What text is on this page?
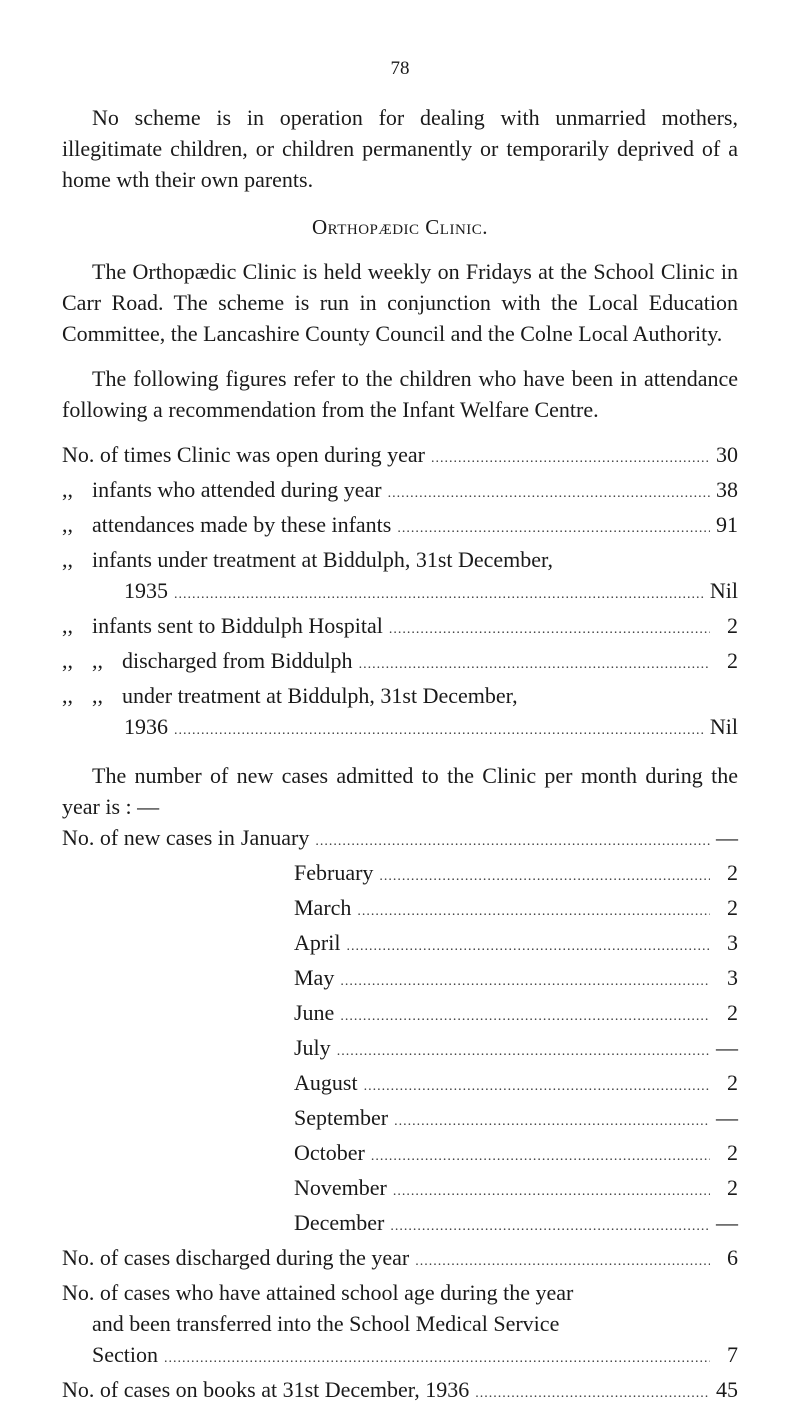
78

No scheme is in operation for dealing with unmarried mothers, illegitimate children, or children permanently or temporarily deprived of a home wth their own parents.

Orthopædic Clinic.

The Orthopædic Clinic is held weekly on Fridays at the School Clinic in Carr Road. The scheme is run in conjunction with the Local Education Committee, the Lancashire County Council and the Colne Local Authority.

The following figures refer to the children who have been in attendance following a recommendation from the Infant Welfare Centre.

No. of times Clinic was open during year .....	30
,, infants who attended during year .....	38
,, attendances made by these infants .....	91
,, infants under treatment at Biddulph, 31st December,
1935 .....	Nil
,, infants sent to Biddulph Hospital .....	2
,, ,, discharged from Biddulph .....	2
,, ,, under treatment at Biddulph, 31st December,
1936 .....	Nil

The number of new cases admitted to the Clinic per month during the year is : —

No. of new cases in January .....	—
February .....	2
March .....	2
April .....	3
May .....	3
June .....	2
July .....	—
August .....	2
September .....	—
October .....	2
November .....	2
December .....	—
No. of cases discharged during the year .....	6
No. of cases who have attained school age during the year
and been transferred into the School Medical Service
Section .....	7
No. of cases on books at 31st December, 1936 .....	45
